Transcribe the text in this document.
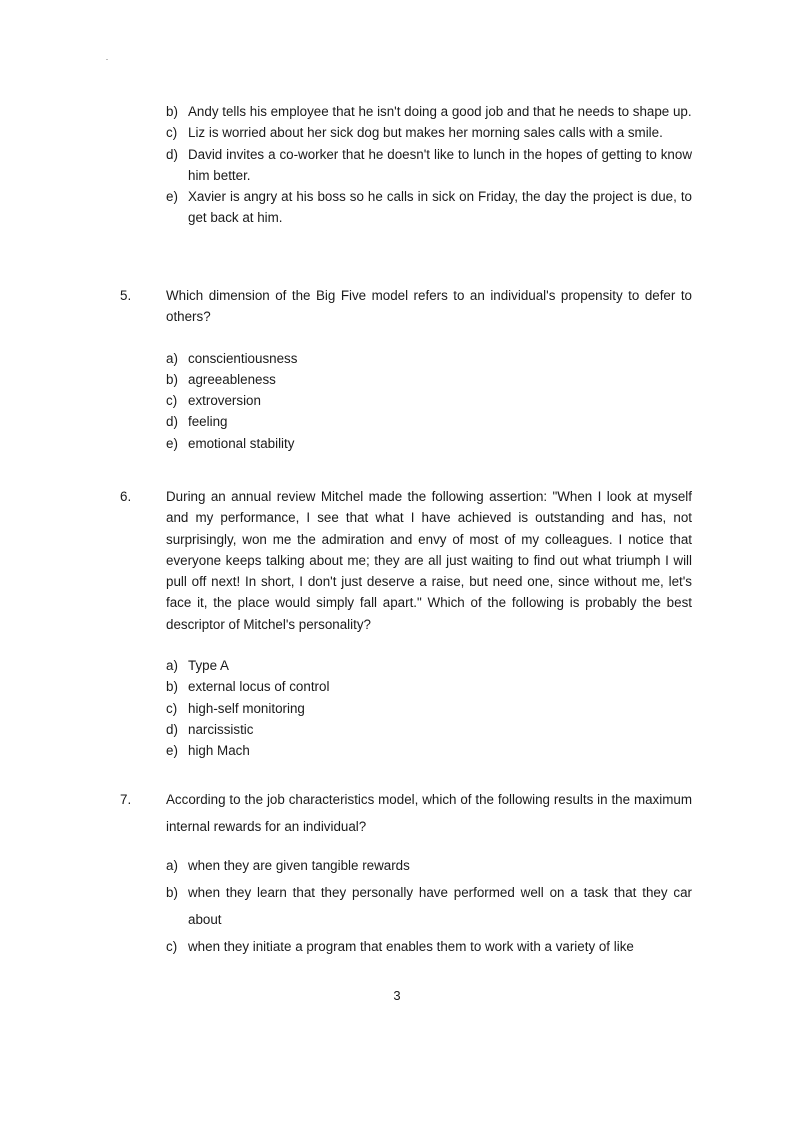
b) Andy tells his employee that he isn't doing a good job and that he needs to shape up.
c) Liz is worried about her sick dog but makes her morning sales calls with a smile.
d) David invites a co-worker that he doesn't like to lunch in the hopes of getting to know him better.
e) Xavier is angry at his boss so he calls in sick on Friday, the day the project is due, to get back at him.
5.	Which dimension of the Big Five model refers to an individual's propensity to defer to others?
a) conscientiousness
b) agreeableness
c) extroversion
d) feeling
e) emotional stability
6.	During an annual review Mitchel made the following assertion: "When I look at myself and my performance, I see that what I have achieved is outstanding and has, not surprisingly, won me the admiration and envy of most of my colleagues. I notice that everyone keeps talking about me; they are all just waiting to find out what triumph I will pull off next! In short, I don't just deserve a raise, but need one, since without me, let's face it, the place would simply fall apart." Which of the following is probably the best descriptor of Mitchel's personality?
a) Type A
b) external locus of control
c) high-self monitoring
d) narcissistic
e) high Mach
7.	According to the job characteristics model, which of the following results in the maximum internal rewards for an individual?
a) when they are given tangible rewards
b) when they learn that they personally have performed well on a task that they car about
c) when they initiate a program that enables them to work with a variety of like
3
